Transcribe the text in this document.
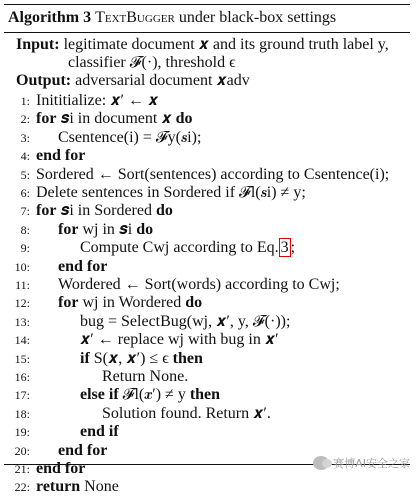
Algorithm 3 TextBugger under black-box settings
Input: legitimate document 𝒙 and its ground truth label y,
classifier 𝓕(·), threshold ϵ
Output: adversarial document 𝒙adv
1: Inititialize: 𝒙′ ← 𝒙
2: for 𝒔i in document 𝒙 do
3: Csentence(i) = 𝓕y(𝒔i);
4: end for
5: Sordered ← Sort(sentences) according to Csentence(i);
6: Delete sentences in Sordered if 𝓕l(𝒔i) ≠ y;
7: for 𝒔i in Sordered do
8: for wj in 𝒔i do
9:	Compute Cwj according to Eq. 3 ;
10: end for
11: Wordered ← Sort(words) according to Cwj;
12: for wj in Wordered do
13:	bug = SelectBug(wj, 𝒙′, y, 𝓕(·));
14:	𝒙′ ← replace wj with bug in 𝒙′
15:	if S(𝒙, 𝒙′) ≤ ϵ then
16:	Return None.
17:	else if 𝓕l(𝒙′) ≠ y then
18:	Solution found. Return 𝒙′.
19:	end if
20: end for
21: end for
22: return None
赛博AI安全之家
